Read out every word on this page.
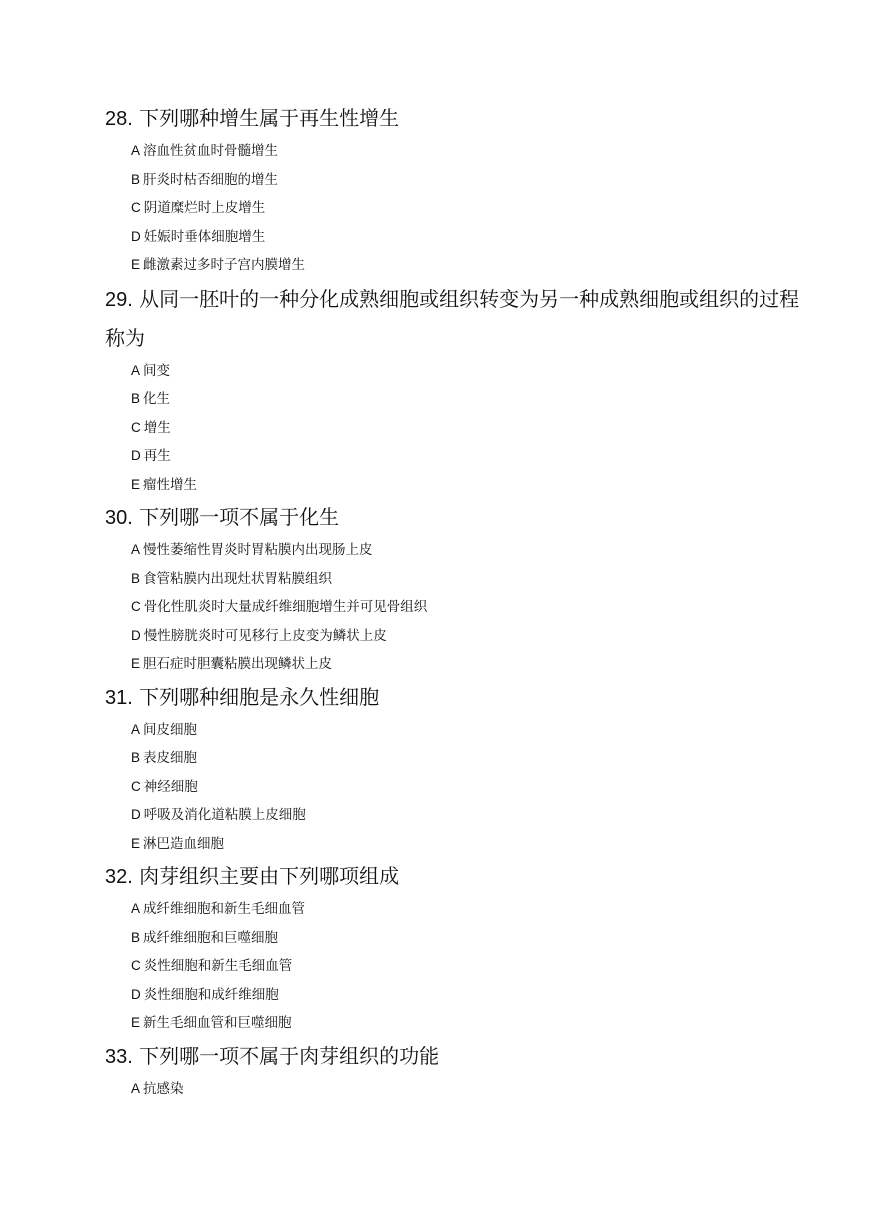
28. 下列哪种增生属于再生性增生

A 溶血性贫血时骨髓增生
B 肝炎时枯否细胞的增生
C 阴道糜烂时上皮增生
D 妊娠时垂体细胞增生
E 雌激素过多时子宫内膜增生

29. 从同一胚叶的一种分化成熟细胞或组织转变为另一种成熟细胞或组织的过程称为

A 间变
B 化生
C 增生
D 再生
E 瘤性增生

30. 下列哪一项不属于化生

A 慢性萎缩性胃炎时胃粘膜内出现肠上皮
B 食管粘膜内出现灶状胃粘膜组织
C 骨化性肌炎时大量成纤维细胞增生并可见骨组织
D 慢性膀胱炎时可见移行上皮变为鳞状上皮
E 胆石症时胆囊粘膜出现鳞状上皮

31. 下列哪种细胞是永久性细胞

A 间皮细胞
B 表皮细胞
C 神经细胞
D 呼吸及消化道粘膜上皮细胞
E 淋巴造血细胞

32. 肉芽组织主要由下列哪项组成

A 成纤维细胞和新生毛细血管
B 成纤维细胞和巨噬细胞
C 炎性细胞和新生毛细血管
D 炎性细胞和成纤维细胞
E 新生毛细血管和巨噬细胞

33. 下列哪一项不属于肉芽组织的功能

A 抗感染
